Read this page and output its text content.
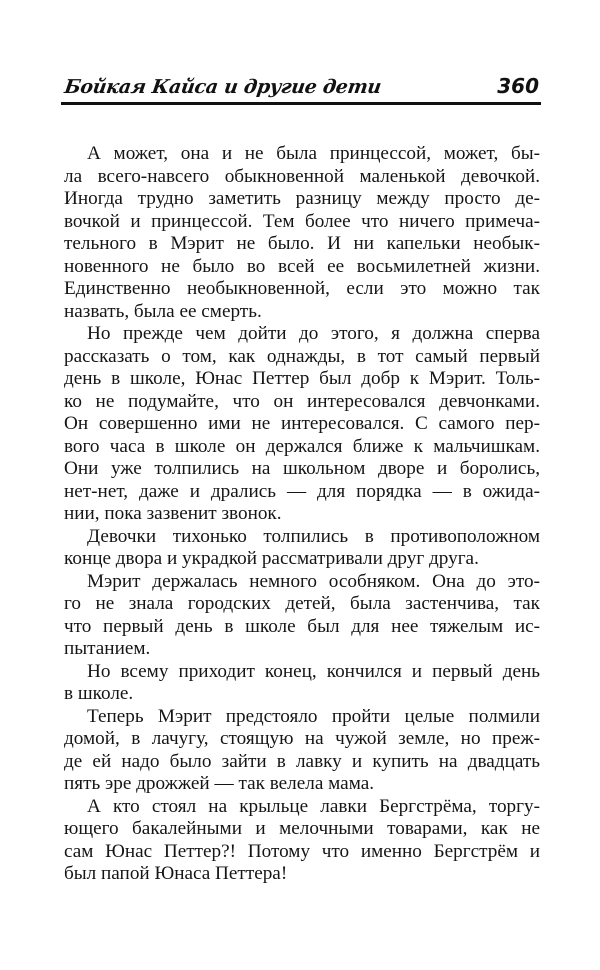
Бойкая Кайса и другие дети	360
А может, она и не была принцессой, может, бы-
ла всего-навсего обыкновенной маленькой девочкой.
Иногда трудно заметить разницу между просто де-
вочкой и принцессой. Тем более что ничего примеча-
тельного в Мэрит не было. И ни капельки необык-
новенного не было во всей ее восьмилетней жизни.
Единственно необыкновенной, если это можно так
назвать, была ее смерть.
Но прежде чем дойти до этого, я должна сперва
рассказать о том, как однажды, в тот самый первый
день в школе, Юнас Петтер был добр к Мэрит. Толь-
ко не подумайте, что он интересовался девчонками.
Он совершенно ими не интересовался. С самого пер-
вого часа в школе он держался ближе к мальчишкам.
Они уже толпились на школьном дворе и боролись,
нет-нет, даже и дрались — для порядка — в ожида-
нии, пока зазвенит звонок.
Девочки тихонько толпились в противоположном
конце двора и украдкой рассматривали друг друга.
Мэрит держалась немного особняком. Она до это-
го не знала городских детей, была застенчива, так
что первый день в школе был для нее тяжелым ис-
пытанием.
Но всему приходит конец, кончился и первый день
в школе.
Теперь Мэрит предстояло пройти целые полмили
домой, в лачугу, стоящую на чужой земле, но преж-
де ей надо было зайти в лавку и купить на двадцать
пять эре дрожжей — так велела мама.
А кто стоял на крыльце лавки Бергстрёма, торгу-
ющего бакалейными и мелочными товарами, как не
сам Юнас Петтер?! Потому что именно Бергстрём и
был папой Юнаса Петтера!
